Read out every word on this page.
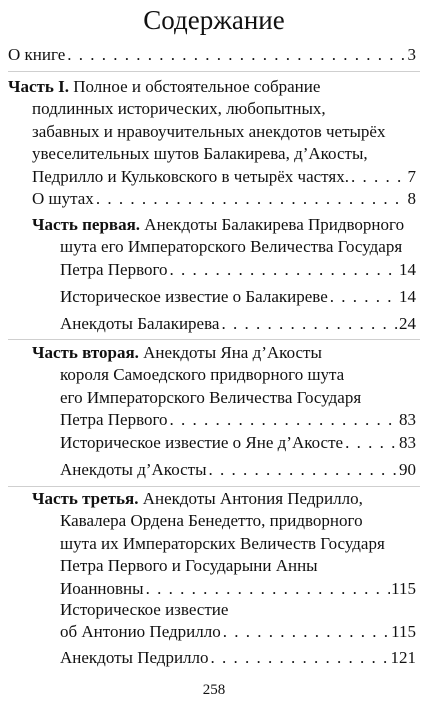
Содержание
О книге . . .	3
Часть I. Полное и обстоятельное собрание
подлинных исторических, любопытных,
забавных и нравоучительных анекдотов четырёх
увеселительных шутов Балакирева, д’Акосты,
Педрилло и Кульковского в четырёх частях. . . .	7
О шутах . . .	8
Часть первая. Анекдоты Балакирева Придворного
шута его Императорского Величества Государя
Петра Первого . . .	14
Историческое известие о Балакиреве . . .	14
Анекдоты Балакирева . . .	24
Часть вторая. Анекдоты Яна д’Акосты
короля Самоедского придворного шута
его Императорского Величества Государя
Петра Первого . . .	83
Историческое известие о Яне д’Акосте . . .	83
Анекдоты д’Акосты . . .	90
Часть третья. Анекдоты Антония Педрилло,
Кавалера Ордена Бенедетто, придворного
шута их Императорских Величеств Государя
Петра Первого и Государыни Анны
Иоанновны . . .	115
Историческое известие
об Антонио Педрилло . . .	115
Анекдоты Педрилло . . .	121
258
